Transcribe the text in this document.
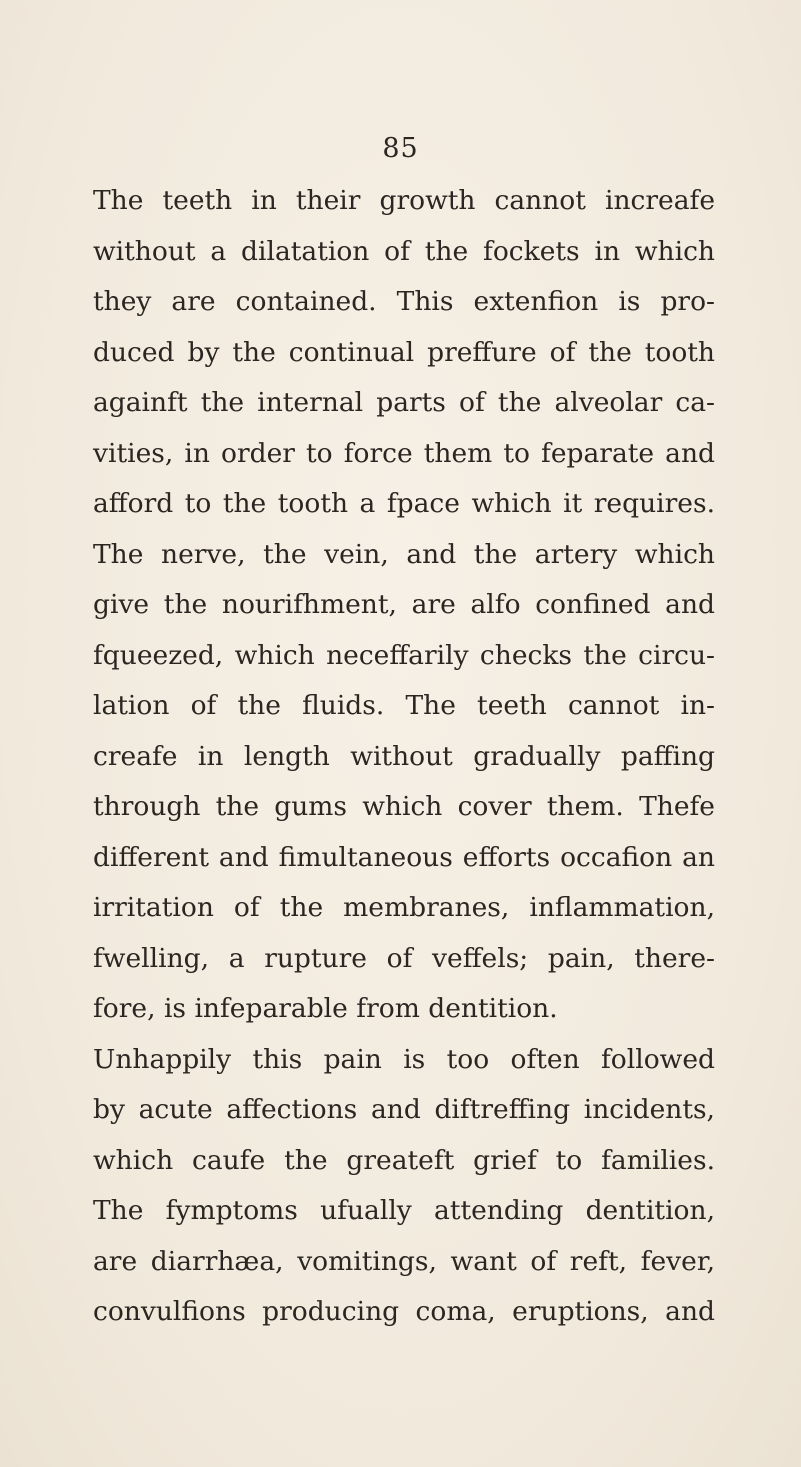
85
The teeth in their growth cannot increafe
without a dilatation of the fockets in which
they are contained. This extenfion is pro-
duced by the continual preffure of the tooth
againft the internal parts of the alveolar ca-
vities, in order to force them to feparate and
afford to the tooth a fpace which it requires.
The nerve, the vein, and the artery which
give the nourifhment, are alfo confined and
fqueezed, which neceffarily checks the circu-
lation of the fluids. The teeth cannot in-
creafe in length without gradually paffing
through the gums which cover them. Thefe
different and fimultaneous efforts occafion an
irritation of the membranes, inflammation,
fwelling, a rupture of veffels; pain, there-
fore, is infeparable from dentition.
Unhappily this pain is too often followed
by acute affections and diftreffing incidents,
which caufe the greateft grief to families.
The fymptoms ufually attending dentition,
are diarrhæa, vomitings, want of reft, fever,
convulfions producing coma, eruptions, and
